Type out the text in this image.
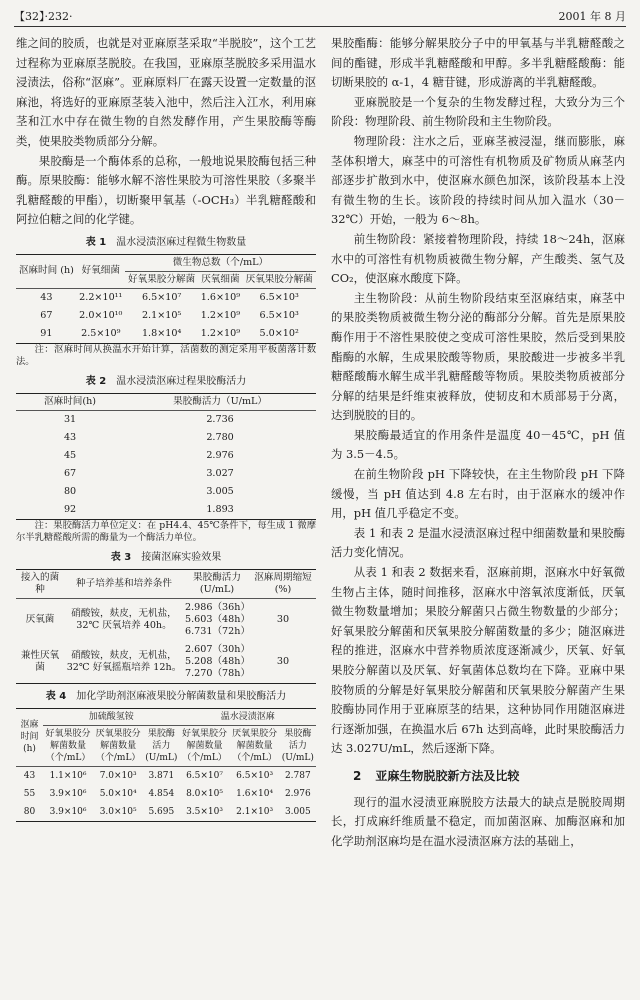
【32】·232·	2001 年 8 月

维之间的胶质，也就是对亚麻原茎采取“半脱胶”，这个工艺过程称为亚麻原茎脱胶。在我国，亚麻原茎脱胶多采用温水浸渍法，俗称“沤麻”。亚麻原料厂在露天设置一定数量的沤麻池，将选好的亚麻原茎装入池中，然后注入江水，利用麻茎和江水中存在微生物的自然发酵作用，产生果胶酶等酶类，使果胶类物质部分分解。

果胶酶是一个酶体系的总称，一般地说果胶酶包括三种酶。原果胶酶：能够水解不溶性果胶为可溶性果胶（多聚半乳糖醛酸的甲酯），切断聚甲氧基（-OCH₃）半乳糖醛酸和阿拉伯糖之间的化学键。

表 1 温水浸渍沤麻过程微生物数量
沤麻时间 (h)	好氧细菌	微生物总数（个/mL）		
		好氧果胶分解菌	厌氧细菌	厌氧果胶分解菌
43	2.2×10¹¹	6.5×10⁷	1.6×10⁹	6.5×10³
67	2.0×10¹⁰	2.1×10⁵	1.2×10⁹	6.5×10³
91	2.5×10⁹	1.8×10⁴	1.2×10⁹	5.0×10²

注：沤麻时间从换温水开始计算，活菌数的测定采用平板菌落计数法。

表 2 温水浸渍沤麻过程果胶酶活力
沤麻时间(h)	果胶酶活力（U/mL）
31	2.736
43	2.780
45	2.976
67	3.027
80	3.005
92	1.893

注：果胶酶活力单位定义：在 pH4.4、45℃条件下，每生成 1 微摩尔半乳糖醛酸所需的酶量为一个酶活力单位。

表 3 接菌沤麻实验效果
接入的菌种	种子培养基和培养条件	果胶酶活力 (U/mL)	沤麻周期缩短 (%)
厌氧菌	硝酸铵，麸皮，无机盐，32℃ 厌氧培养 40h。	2.986（36h）
5.603（48h）
6.731（72h）	30
兼性厌氧菌	硝酸铵，麸皮，无机盐，32℃ 好氧摇瓶培养 12h。	2.607（30h）
5.208（48h）
7.270（78h）	30
表 4 加化学助剂沤麻液果胶分解菌数量和果胶酶活力
沤麻时间 (h)	加硫酸氢铵			温水浸渍沤麻		
	好氧果胶分解菌数量（个/mL）	厌氧果胶分解菌数量（个/mL）	果胶酶活力 (U/mL)	好氧果胶分解菌数量（个/mL）	厌氧果胶分解菌数量（个/mL）	果胶酶活力 (U/mL)
43	1.1×10⁶	7.0×10³	3.871	6.5×10⁷	6.5×10³	2.787
55	3.9×10⁶	5.0×10⁴	4.854	8.0×10⁵	1.6×10⁴	2.976
80	3.9×10⁶	3.0×10⁵	5.695	3.5×10³	2.1×10³	3.005

果胶酯酶：能够分解果胶分子中的甲氧基与半乳糖醛酸之间的酯键，形成半乳糖醛酸和甲醇。多半乳糖醛酸酶：能切断果胶的 α-1，4 糖苷键，形成游离的半乳糖醛酸。

亚麻脱胶是一个复杂的生物发酵过程，大致分为三个阶段：物理阶段、前生物阶段和主生物阶段。

物理阶段：注水之后，亚麻茎被浸湿，继而膨胀，麻茎体积增大，麻茎中的可溶性有机物质及矿物质从麻茎内部逐步扩散到水中，使沤麻水颜色加深，该阶段基本上没有微生物的生长。该阶段的持续时间从加入温水（30－32℃）开始，一般为 6～8h。

前生物阶段：紧接着物理阶段，持续 18～24h，沤麻水中的可溶性有机物质被微生物分解，产生酸类、氢气及 CO₂，使沤麻水酸度下降。

主生物阶段：从前生物阶段结束至沤麻结束，麻茎中的果胶类物质被微生物分泌的酶部分分解。首先是原果胶酶作用于不溶性果胶使之变成可溶性果胶，然后受到果胶酯酶的水解，生成果胶酸等物质，果胶酸进一步被多半乳糖醛酸酶水解生成半乳糖醛酸等物质。果胶类物质被部分分解的结果是纤维束被释放，使韧皮和木质部易于分离，达到脱胶的目的。

果胶酶最适宜的作用条件是温度 40－45℃，pH 值为 3.5－4.5。

在前生物阶段 pH 下降较快，在主生物阶段 pH 下降缓慢，当 pH 值达到 4.8 左右时，由于沤麻水的缓冲作用，pH 值几乎稳定不变。

表 1 和表 2 是温水浸渍沤麻过程中细菌数量和果胶酶活力变化情况。

从表 1 和表 2 数据来看，沤麻前期，沤麻水中好氧微生物占主体，随时间推移，沤麻水中溶氧浓度渐低，厌氧微生物数量增加；果胶分解菌只占微生物数量的少部分；好氧果胶分解菌和厌氧果胶分解菌数量的多少；随沤麻进程的推进，沤麻水中营养物质浓度逐渐减少，厌氧、好氧果胶分解菌以及厌氧、好氧菌体总数均在下降。亚麻中果胶物质的分解是好氧果胶分解菌和厌氧果胶分解菌产生果胶酶协同作用于亚麻原茎的结果，这种协同作用随沤麻进行逐渐加强，在换温水后 67h 达到高峰，此时果胶酶活力达 3.027U/mL，然后逐渐下降。

2 亚麻生物脱胶新方法及比较

现行的温水浸渍亚麻脱胶方法最大的缺点是脱胶周期长，打成麻纤维质量不稳定，而加菌沤麻、加酶沤麻和加化学助剂沤麻均是在温水浸渍沤麻方法的基础上，
